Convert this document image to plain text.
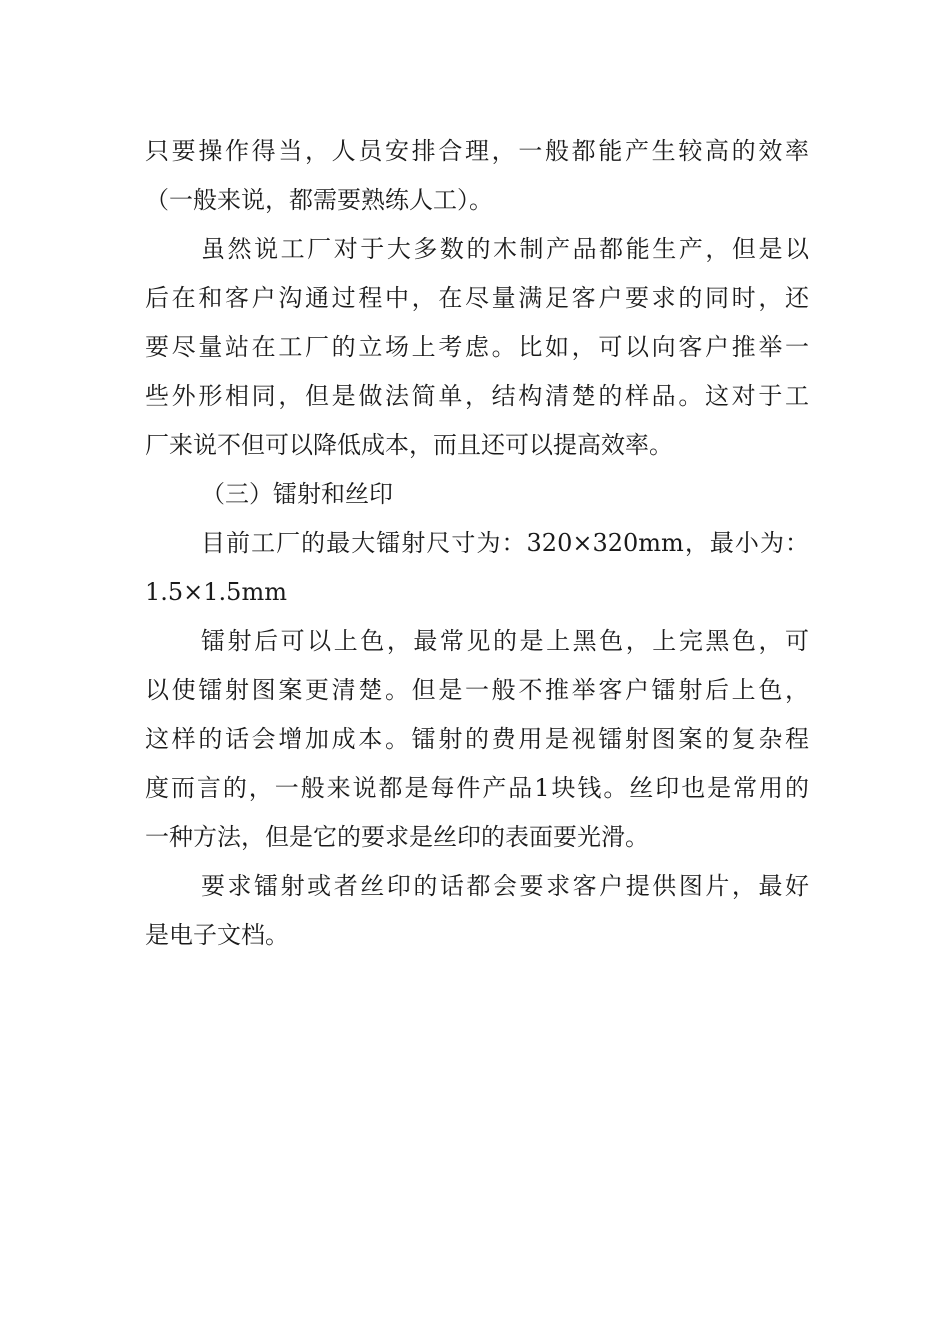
只要操作得当，人员安排合理，一般都能产生较高的效率
（一般来说，都需要熟练人工）。
虽然说工厂对于大多数的木制产品都能生产，但是以
后在和客户沟通过程中，在尽量满足客户要求的同时，还
要尽量站在工厂的立场上考虑。比如，可以向客户推举一
些外形相同，但是做法简单，结构清楚的样品。这对于工
厂来说不但可以降低成本，而且还可以提高效率。
（三）镭射和丝印
目前工厂的最大镭射尺寸为：320×320mm，最小为：
1.5×1.5mm
镭射后可以上色，最常见的是上黑色，上完黑色，可
以使镭射图案更清楚。但是一般不推举客户镭射后上色，
这样的话会增加成本。镭射的费用是视镭射图案的复杂程
度而言的，一般来说都是每件产品1块钱。丝印也是常用的
一种方法，但是它的要求是丝印的表面要光滑。
要求镭射或者丝印的话都会要求客户提供图片，最好
是电子文档。
